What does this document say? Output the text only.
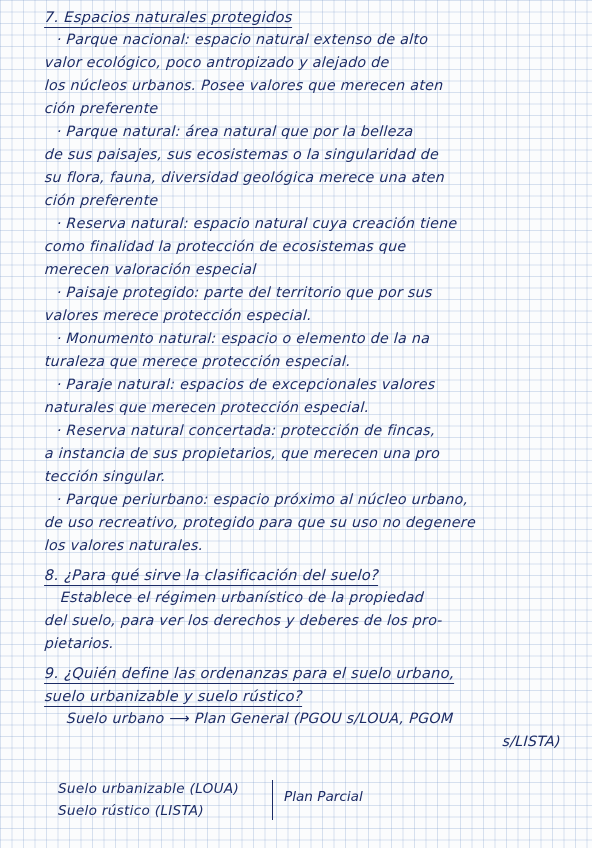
7. Espacios naturales protegidos
· Parque nacional: espacio natural extenso de alto
valor ecológico, poco antropizado y alejado de
los núcleos urbanos. Posee valores que merecen aten
ción preferente
· Parque natural: área natural que por la belleza
de sus paisajes, sus ecosistemas o la singularidad de
su flora, fauna, diversidad geológica merece una aten
ción preferente
· Reserva natural: espacio natural cuya creación tiene
como finalidad la protección de ecosistemas que
merecen valoración especial
· Paisaje protegido: parte del territorio que por sus
valores merece protección especial.
· Monumento natural: espacio o elemento de la na
turaleza que merece protección especial.
· Paraje natural: espacios de excepcionales valores
naturales que merecen protección especial.
· Reserva natural concertada: protección de fincas,
a instancia de sus propietarios, que merecen una pro
tección singular.
· Parque periurbano: espacio próximo al núcleo urbano,
de uso recreativo, protegido para que su uso no degenere
los valores naturales.
8. ¿Para qué sirve la clasificación del suelo?
Establece el régimen urbanístico de la propiedad
del suelo, para ver los derechos y deberes de los pro-
pietarios.
9. ¿Quién define las ordenanzas para el suelo urbano,
suelo urbanizable y suelo rústico?
Suelo urbano ⟶ Plan General (PGOU s/LOUA, PGOM
s/LISTA)
Suelo urbanizable (LOUA)
Suelo rústico (LISTA)
Plan Parcial
